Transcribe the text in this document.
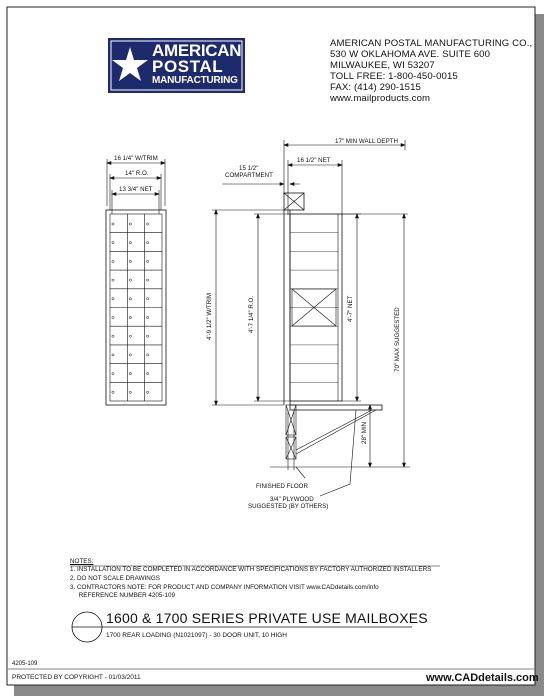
AMERICAN
POSTAL
MANUFACTURING
AMERICAN POSTAL MANUFACTURING CO.,
530 W OKLAHOMA AVE. SUITE 600
MILWAUKEE, WI 53207
TOLL FREE: 1-800-450-0015
FAX: (414) 290-1515
www.mailproducts.com
16 1/4" W/TRIM
14" R.O.
13 3/4" NET
17" MIN WALL DEPTH
15 1/2"
COMPARTMENT
16 1/2" NET
4'-9 1/2" W/TRIM	4'-7 1/4" R.O.	4'-7" NET	70" MAX SUGGESTED
28" MIN
FINISHED FLOOR
3/4" PLYWOOD
SUGGESTED (BY OTHERS)
NOTES:
1. INSTALLATION TO BE COMPLETED IN ACCORDANCE WITH SPECIFICATIONS BY FACTORY AUTHORIZED INSTALLERS
2. DO NOT SCALE DRAWINGS
3. CONTRACTORS NOTE: FOR PRODUCT AND COMPANY INFORMATION VISIT www.CADdetails.com/info
REFERENCE NUMBER 4205-109
1600 & 1700 SERIES PRIVATE USE MAILBOXES
1700 REAR LOADING (N1021097) - 30 DOOR UNIT, 10 HIGH
4205-109
PROTECTED BY COPYRIGHT - 01/03/2011	www.CADdetails.com
